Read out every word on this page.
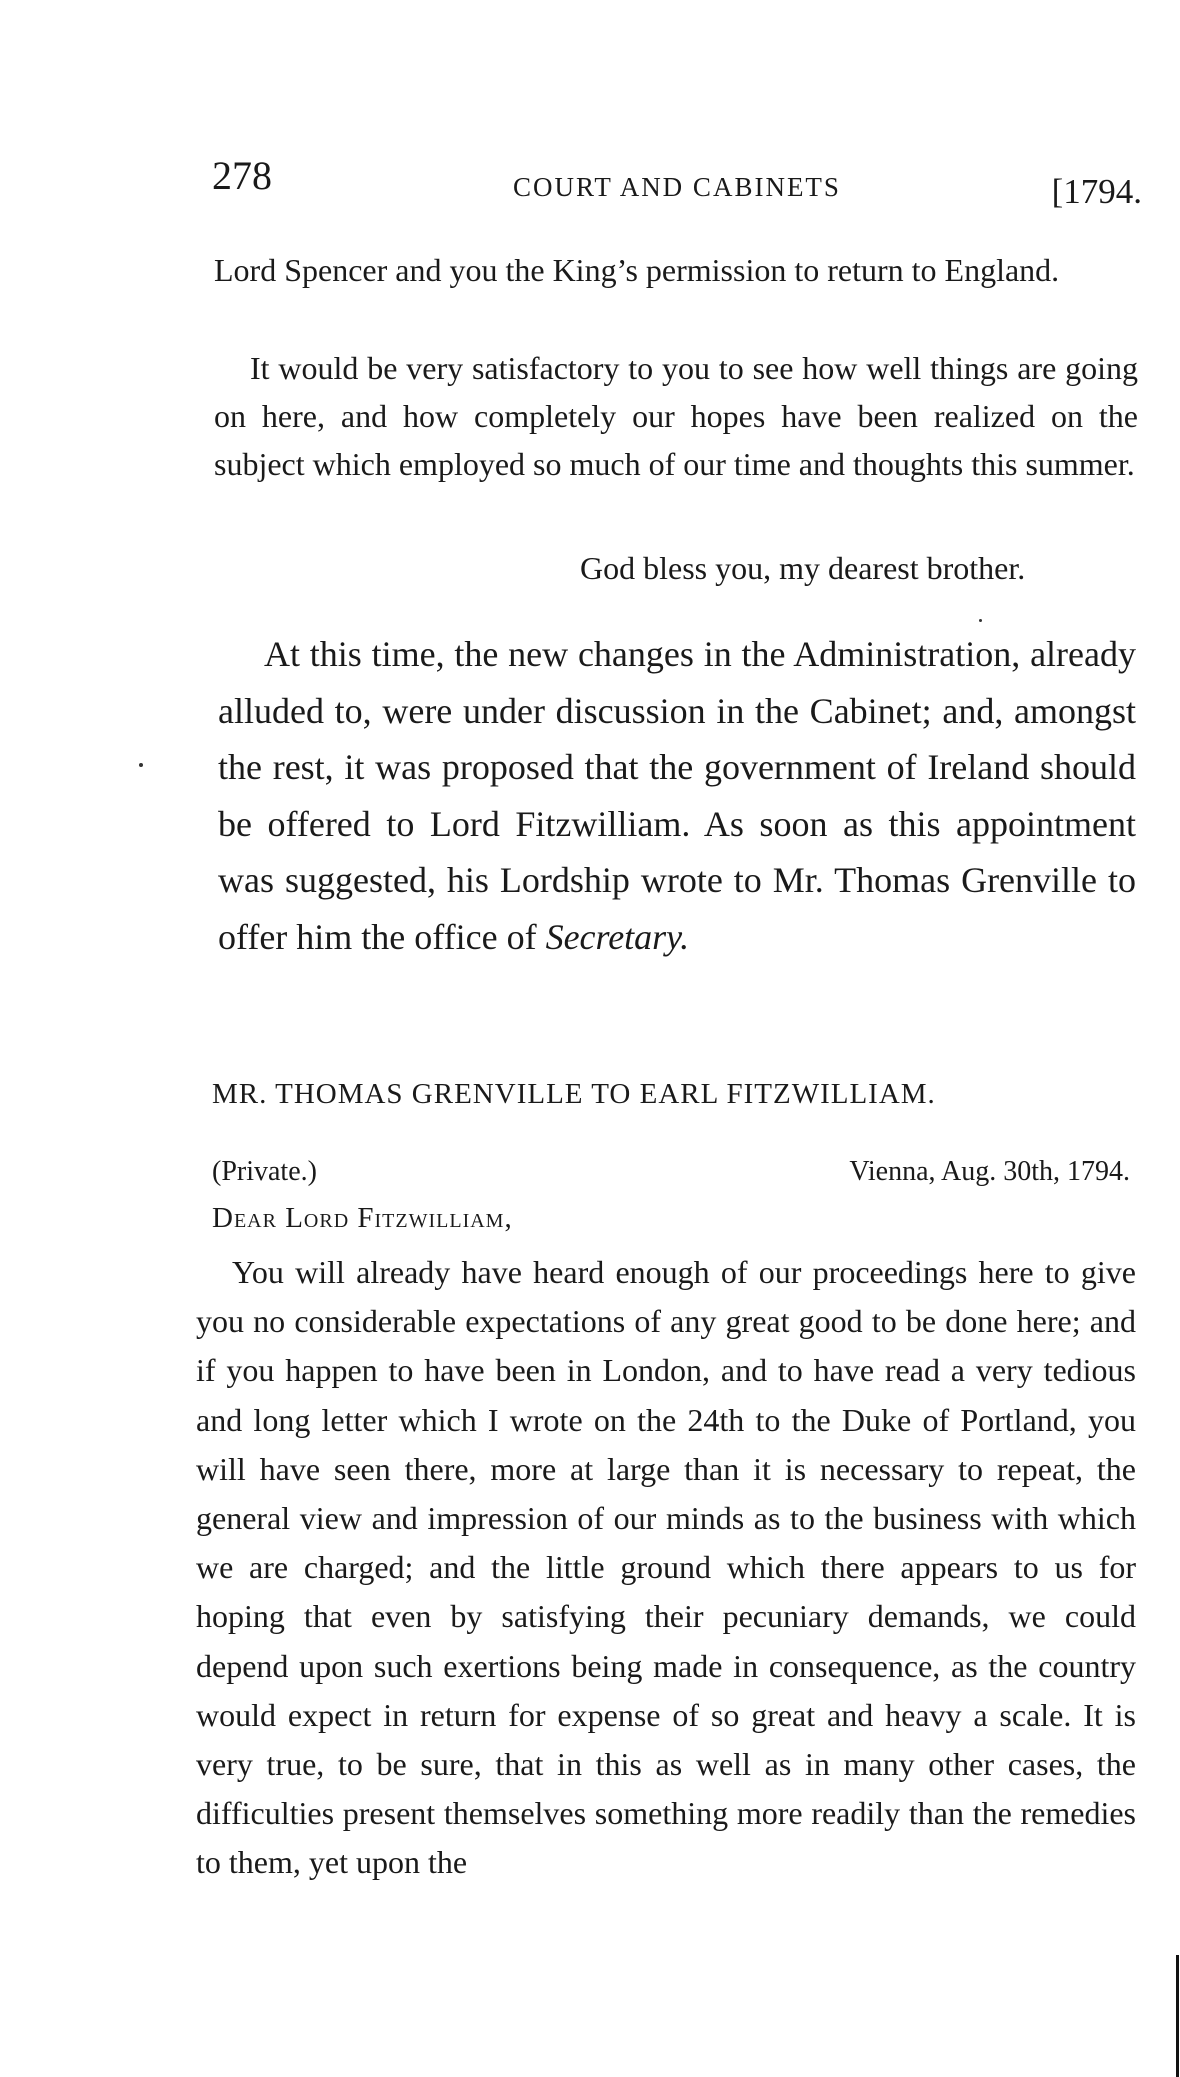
278	COURT AND CABINETS	[1794.

Lord Spencer and you the King’s permission to return to England.

It would be very satisfactory to you to see how well things are going on here, and how completely our hopes have been realized on the subject which employed so much of our time and thoughts this summer.

God bless you, my dearest brother.

At this time, the new changes in the Administration, already alluded to, were under discussion in the Cabinet; and, amongst the rest, it was proposed that the government of Ireland should be offered to Lord Fitzwilliam. As soon as this appointment was suggested, his Lordship wrote to Mr. Thomas Grenville to offer him the office of Secretary.

MR. THOMAS GRENVILLE TO EARL FITZWILLIAM.
(Private.)	Vienna, Aug. 30th, 1794.
Dear Lord Fitzwilliam,

You will already have heard enough of our proceedings here to give you no considerable expectations of any great good to be done here; and if you happen to have been in London, and to have read a very tedious and long letter which I wrote on the 24th to the Duke of Portland, you will have seen there, more at large than it is necessary to repeat, the general view and impression of our minds as to the business with which we are charged; and the little ground which there appears to us for hoping that even by satisfying their pecuniary demands, we could depend upon such exertions being made in consequence, as the country would expect in return for expense of so great and heavy a scale. It is very true, to be sure, that in this as well as in many other cases, the difficulties present themselves something more readily than the remedies to them, yet upon the
